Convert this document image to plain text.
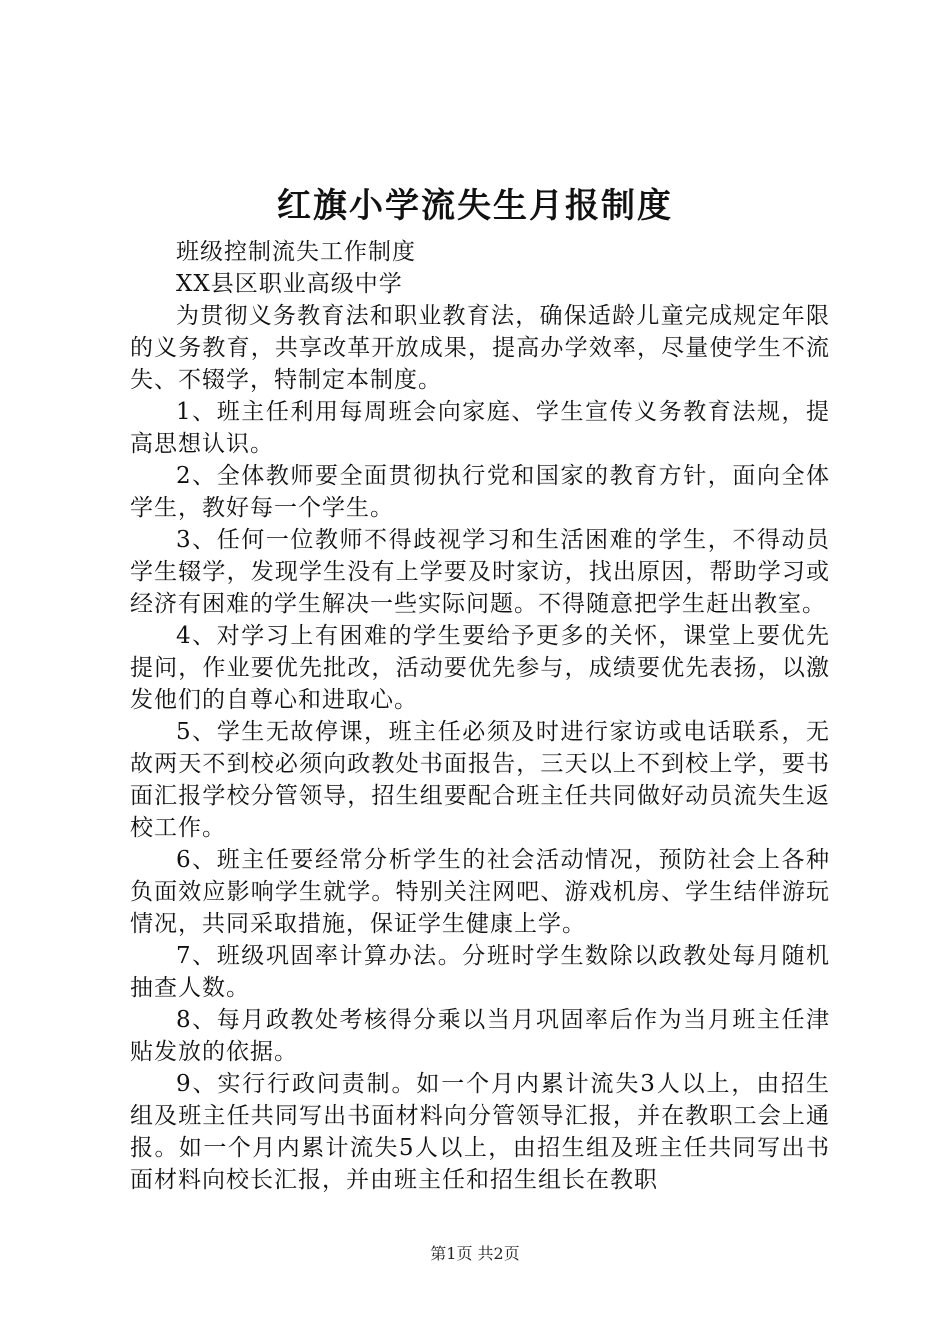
红旗小学流失生月报制度

班级控制流失工作制度

XX县区职业高级中学

为贯彻义务教育法和职业教育法，确保适龄儿童完成规定年限的义务教育，共享改革开放成果，提高办学效率，尽量使学生不流失、不辍学，特制定本制度。

1、班主任利用每周班会向家庭、学生宣传义务教育法规，提高思想认识。

2、全体教师要全面贯彻执行党和国家的教育方针，面向全体学生，教好每一个学生。

3、任何一位教师不得歧视学习和生活困难的学生，不得动员学生辍学，发现学生没有上学要及时家访，找出原因，帮助学习或经济有困难的学生解决一些实际问题。不得随意把学生赶出教室。

4、对学习上有困难的学生要给予更多的关怀，课堂上要优先提问，作业要优先批改，活动要优先参与，成绩要优先表扬，以激发他们的自尊心和进取心。

5、学生无故停课，班主任必须及时进行家访或电话联系，无故两天不到校必须向政教处书面报告，三天以上不到校上学，要书面汇报学校分管领导，招生组要配合班主任共同做好动员流失生返校工作。

6、班主任要经常分析学生的社会活动情况，预防社会上各种负面效应影响学生就学。特别关注网吧、游戏机房、学生结伴游玩情况，共同采取措施，保证学生健康上学。

7、班级巩固率计算办法。分班时学生数除以政教处每月随机抽查人数。

8、每月政教处考核得分乘以当月巩固率后作为当月班主任津贴发放的依据。

9、实行行政问责制。如一个月内累计流失3人以上，由招生组及班主任共同写出书面材料向分管领导汇报，并在教职工会上通报。如一个月内累计流失5人以上，由招生组及班主任共同写出书面材料向校长汇报，并由班主任和招生组长在教职

第1页 共2页
